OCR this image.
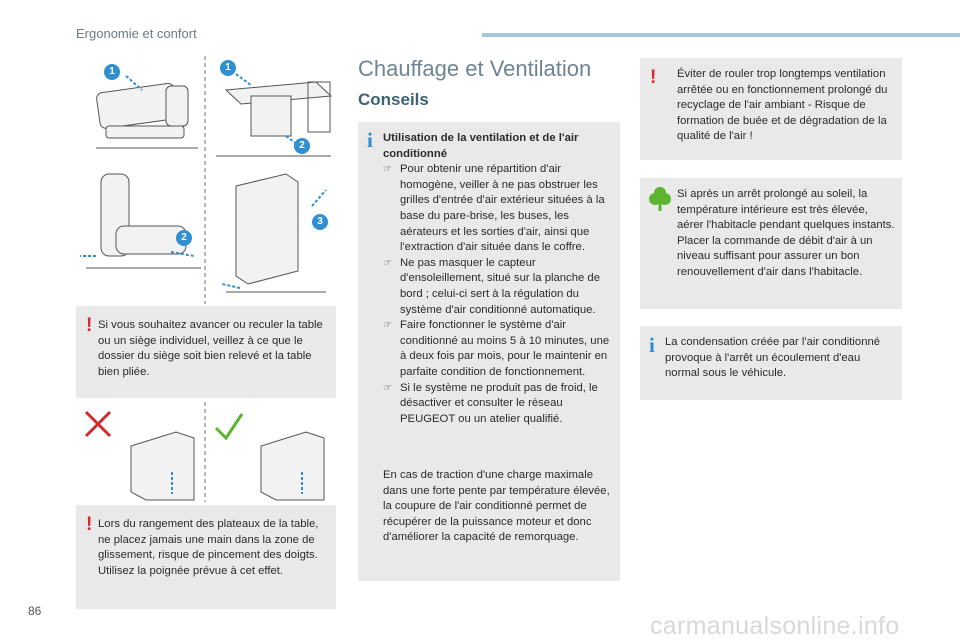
Ergonomie et confort
1	1
2
2
3
! Si vous souhaitez avancer ou reculer la table ou un siège individuel, veillez à ce que le dossier du siège soit bien relevé et la table bien pliée.
! Lors du rangement des plateaux de la table, ne placez jamais une main dans la zone de glissement, risque de pincement des doigts. Utilisez la poignée prévue à cet effet.
Chauffage et Ventilation
Conseils
i Utilisation de la ventilation et de l'air conditionné

☞ Pour obtenir une répartition d'air homogène, veiller à ne pas obstruer les grilles d'entrée d'air extérieur situées à la base du pare-brise, les buses, les aérateurs et les sorties d'air, ainsi que l'extraction d'air située dans le coffre.
☞ Ne pas masquer le capteur d'ensoleillement, situé sur la planche de bord ; celui-ci sert à la régulation du système d'air conditionné automatique.
☞ Faire fonctionner le système d'air conditionné au moins 5 à 10 minutes, une à deux fois par mois, pour le maintenir en parfaite condition de fonctionnement.
☞ Si le système ne produit pas de froid, le désactiver et consulter le réseau PEUGEOT ou un atelier qualifié.
En cas de traction d'une charge maximale dans une forte pente par température élevée, la coupure de l'air conditionné permet de récupérer de la puissance moteur et donc d'améliorer la capacité de remorquage.
! Éviter de rouler trop longtemps ventilation arrêtée ou en fonctionnement prolongé du recyclage de l'air ambiant - Risque de formation de buée et de dégradation de la qualité de l'air !

Si après un arrêt prolongé au soleil, la température intérieure est très élevée, aérer l'habitacle pendant quelques instants.

Placer la commande de débit d'air à un niveau suffisant pour assurer un bon renouvellement d'air dans l'habitacle.

i La condensation créée par l'air conditionné provoque à l'arrêt un écoulement d'eau normal sous le véhicule.
86
carmanualsonline.info
